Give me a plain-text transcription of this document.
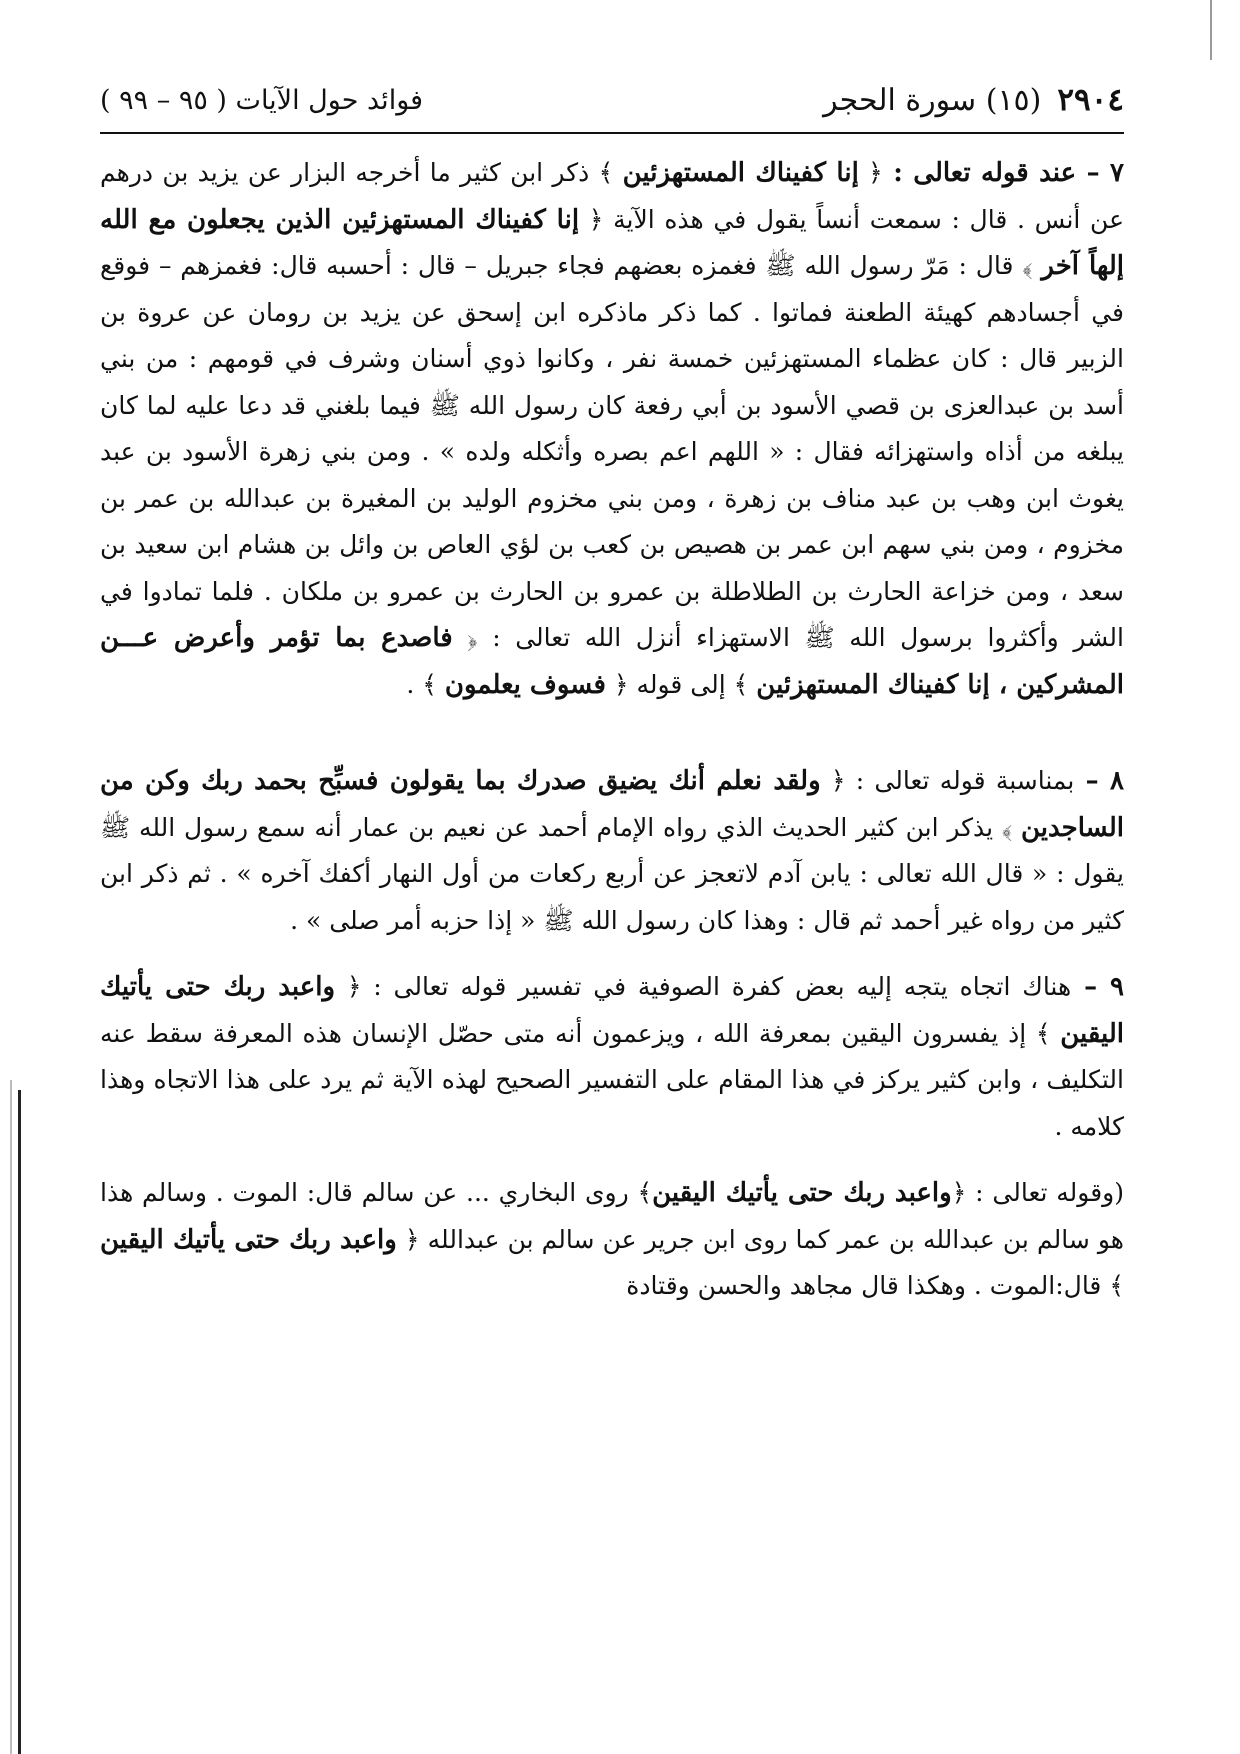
٢٩٠٤
(١٥) سورة الحجر
فوائد حول الآيات ( ٩٥ – ٩٩ )

٧ – عند قوله تعالى : ﴿ إنا كفيناك المستهزئين ﴾ ذكر ابن كثير ما أخرجه البزار عن يزيد بن درهم عن أنس . قال : سمعت أنساً يقول في هذه الآية ﴿ إنا كفيناك المستهزئين الذين يجعلون مع الله إلهاً آخر ﴾ قال : مَرّ رسول الله ﷺ فغمزه بعضهم فجاء جبريل – قال : أحسبه قال: فغمزهم – فوقع في أجسادهم كهيئة الطعنة فماتوا . كما ذكر ماذكره ابن إسحق عن يزيد بن رومان عن عروة بن الزبير قال : كان عظماء المستهزئين خمسة نفر ، وكانوا ذوي أسنان وشرف في قومهم : من بني أسد بن عبدالعزى بن قصي الأسود بن أبي رفعة كان رسول الله ﷺ فيما بلغني قد دعا عليه لما كان يبلغه من أذاه واستهزائه فقال : « اللهم اعم بصره وأثكله ولده » . ومن بني زهرة الأسود بن عبد يغوث ابن وهب بن عبد مناف بن زهرة ، ومن بني مخزوم الوليد بن المغيرة بن عبدالله بن عمر بن مخزوم ، ومن بني سهم ابن عمر بن هصيص بن كعب بن لؤي العاص بن وائل بن هشام ابن سعيد بن سعد ، ومن خزاعة الحارث بن الطلاطلة بن عمرو بن الحارث بن عمرو بن ملكان . فلما تمادوا في الشر وأكثروا برسول الله ﷺ الاستهزاء أنزل الله تعالى : ﴿ فاصدع بما تؤمر وأعرض عـــن المشركين ، إنا كفيناك المستهزئين ﴾ إلى قوله ﴿ فسوف يعلمون ﴾ .

٨ – بمناسبة قوله تعالى : ﴿ ولقد نعلم أنك يضيق صدرك بما يقولون فسبِّح بحمد ربك وكن من الساجدين ﴾ يذكر ابن كثير الحديث الذي رواه الإمام أحمد عن نعيم بن عمار أنه سمع رسول الله ﷺ يقول : « قال الله تعالى : يابن آدم لاتعجز عن أربع ركعات من أول النهار أكفك آخره » . ثم ذكر ابن كثير من رواه غير أحمد ثم قال : وهذا كان رسول الله ﷺ « إذا حزبه أمر صلى » .

٩ – هناك اتجاه يتجه إليه بعض كفرة الصوفية في تفسير قوله تعالى : ﴿ واعبد ربك حتى يأتيك اليقين ﴾ إذ يفسرون اليقين بمعرفة الله ، ويزعمون أنه متى حصّل الإنسان هذه المعرفة سقط عنه التكليف ، وابن كثير يركز في هذا المقام على التفسير الصحيح لهذه الآية ثم يرد على هذا الاتجاه وهذا كلامه .

(وقوله تعالى : ﴿واعبد ربك حتى يأتيك اليقين﴾ روى البخاري ... عن سالم قال: الموت . وسالم هذا هو سالم بن عبدالله بن عمر كما روى ابن جرير عن سالم بن عبدالله ﴿ واعبد ربك حتى يأتيك اليقين ﴾ قال:الموت . وهكذا قال مجاهد والحسن وقتادة
